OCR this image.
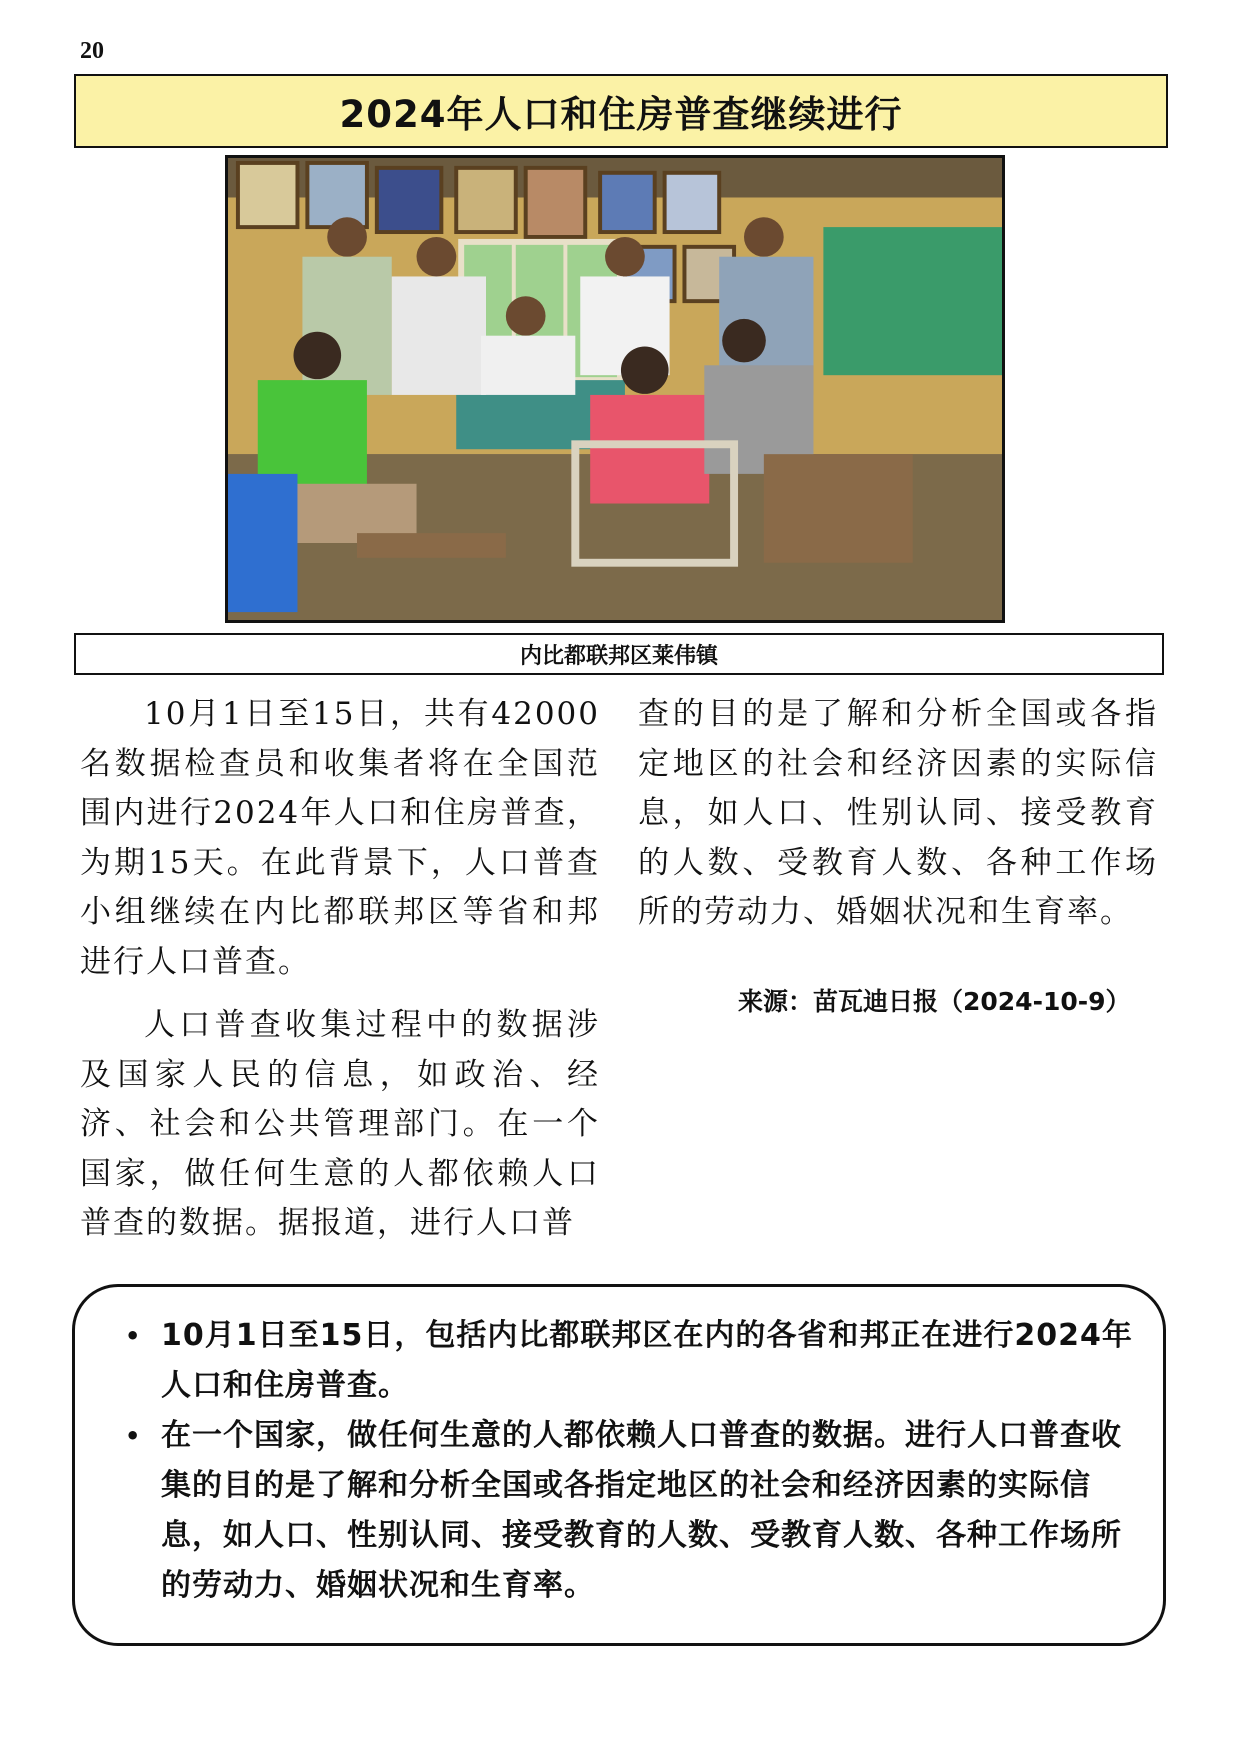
20
2024年人口和住房普查继续进行
内比都联邦区莱伟镇

10月1日至15日，共有42000名数据检查员和收集者将在全国范围内进行2024年人口和住房普查，为期15天。在此背景下，人口普查小组继续在内比都联邦区等省和邦进行人口普查。

人口普查收集过程中的数据涉及国家人民的信息，如政治、经济、社会和公共管理部门。在一个国家，做任何生意的人都依赖人口普查的数据。据报道，进行人口普

查的目的是了解和分析全国或各指定地区的社会和经济因素的实际信息，如人口、性别认同、接受教育的人数、受教育人数、各种工作场所的劳动力、婚姻状况和生育率。

来源：苗瓦迪日报（2024-10-9）
• 10月1日至15日，包括内比都联邦区在内的各省和邦正在进行2024年人口和住房普查。
• 在一个国家，做任何生意的人都依赖人口普查的数据。进行人口普查收集的目的是了解和分析全国或各指定地区的社会和经济因素的实际信息，如人口、性别认同、接受教育的人数、受教育人数、各种工作场所的劳动力、婚姻状况和生育率。
